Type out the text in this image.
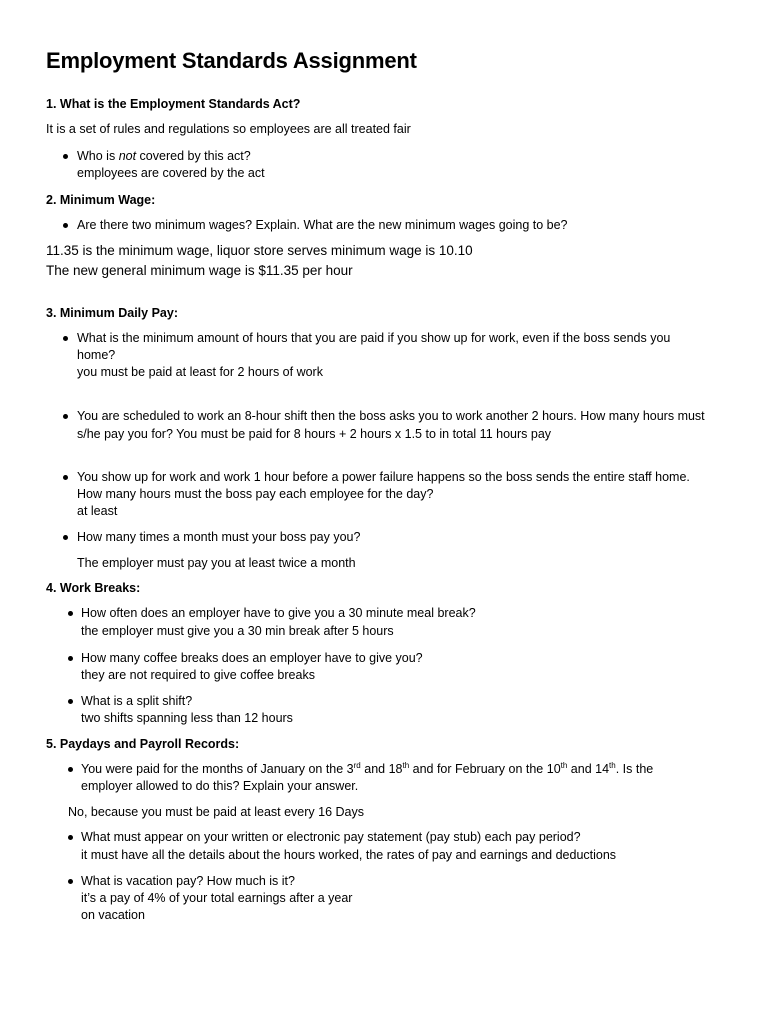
Employment Standards Assignment
1. What is the Employment Standards Act?
It is a set of rules and regulations so employees are all treated fair
Who is not covered by this act?
employees are covered by the act
2. Minimum Wage:
Are there two minimum wages? Explain. What are the new minimum wages going to be?
11.35 is the minimum wage, liquor store serves minimum wage is 10.10
The new general minimum wage is $11.35 per hour
3. Minimum Daily Pay:
What is the minimum amount of hours that you are paid if you show up for work, even if the boss sends you
home?
you must be paid at least for 2 hours of work
You are scheduled to work an 8-hour shift then the boss asks you to work another 2 hours. How many hours must
s/he pay you for? You must be paid for 8 hours + 2 hours x 1.5 to in total 11 hours pay
You show up for work and work 1 hour before a power failure happens so the boss sends the entire staff home.
How many hours must the boss pay each employee for the day?
at least
How many times a month must your boss pay you?
The employer must pay you at least twice a month
4. Work Breaks:
How often does an employer have to give you a 30 minute meal break?
the employer must give you a 30 min break after 5 hours
How many coffee breaks does an employer have to give you?
they are not required to give coffee breaks
What is a split shift?
two shifts spanning less than 12 hours
5. Paydays and Payroll Records:
You were paid for the months of January on the 3rd and 18th and for February on the 10th and 14th. Is the
employer allowed to do this? Explain your answer.
No, because you must be paid at least every 16 Days
What must appear on your written or electronic pay statement (pay stub) each pay period?
it must have all the details about the hours worked, the rates of pay and earnings and deductions
What is vacation pay? How much is it?
it’s a pay of 4% of your total earnings after a year
on vacation
